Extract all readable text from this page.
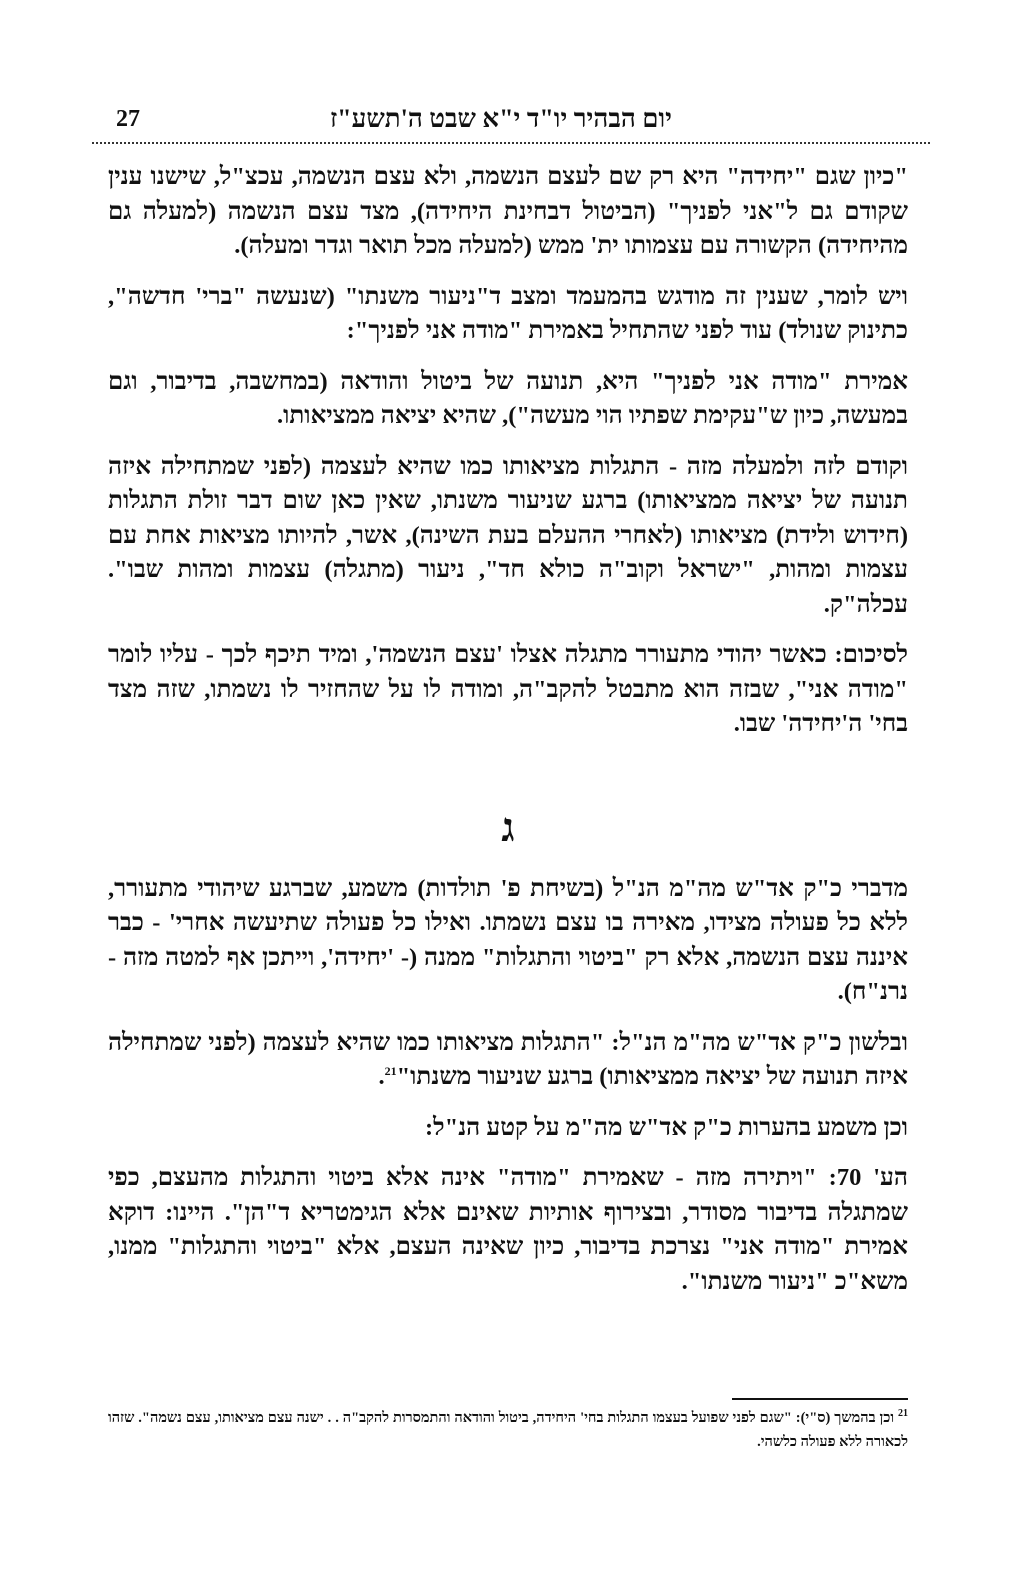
27	יום הבהיר יו"ד י"א שבט ה'תשע"ז

"כיון שגם "יחידה" היא רק שם לעצם הנשמה, ולא עצם הנשמה, עכצ"ל, שישנו ענין שקודם גם ל"אני לפניך" (הביטול דבחינת היחידה), מצד עצם הנשמה (למעלה גם מהיחידה) הקשורה עם עצמותו ית' ממש (למעלה מכל תואר וגדר ומעלה).

ויש לומר, שענין זה מודגש בהמעמד ומצב ד"ניעור משנתו" (שנעשה "ברי' חדשה", כתינוק שנולד) עוד לפני שהתחיל באמירת "מודה אני לפניך":

אמירת "מודה אני לפניך" היא, תנועה של ביטול והודאה (במחשבה, בדיבור, וגם במעשה, כיון ש"עקימת שפתיו הוי מעשה"), שהיא יציאה ממציאותו.

וקודם לזה ולמעלה מזה - התגלות מציאותו כמו שהיא לעצמה (לפני שמתחילה איזה תנועה של יציאה ממציאותו) ברגע שניעור משנתו, שאין כאן שום דבר זולת התגלות (חידוש ולידת) מציאותו (לאחרי ההעלם בעת השינה), אשר, להיותו מציאות אחת עם עצמות ומהות, "ישראל וקוב"ה כולא חד", ניעור (מתגלה) עצמות ומהות שבו". עכלה"ק.

לסיכום: כאשר יהודי מתעורר מתגלה אצלו 'עצם הנשמה', ומיד תיכף לכך - עליו לומר "מודה אני", שבזה הוא מתבטל להקב"ה, ומודה לו על שהחזיר לו נשמתו, שזה מצד בחי' ה'יחידה' שבו.

ג

מדברי כ"ק אד"ש מה"מ הנ"ל (בשיחת פ' תולדות) משמע, שברגע שיהודי מתעורר, ללא כל פעולה מצידו, מאירה בו עצם נשמתו. ואילו כל פעולה שתיעשה אחרי' - כבר איננה עצם הנשמה, אלא רק "ביטוי והתגלות" ממנה (- 'יחידה', וייתכן אף למטה מזה - נרנ"ח).

ובלשון כ"ק אד"ש מה"מ הנ"ל: "התגלות מציאותו כמו שהיא לעצמה (לפני שמתחילה איזה תנועה של יציאה ממציאותו) ברגע שניעור משנתו"$^{21}$.

וכן משמע בהערות כ"ק אד"ש מה"מ על קטע הנ"ל:

הע' 70: "ויתירה מזה - שאמירת "מודה" אינה אלא ביטוי והתגלות מהעצם, כפי שמתגלה בדיבור מסודר, ובצירוף אותיות שאינם אלא הגימטריא ד"הן". היינו: דוקא אמירת "מודה אני" נצרכת בדיבור, כיון שאינה העצם, אלא "ביטוי והתגלות" ממנו, משא"כ "ניעור משנתו".

$^{21}$ וכן בהמשך (ס"י): "שגם לפני שפועל בעצמו התגלות בחי' היחידה, ביטול והודאה והתמסרות להקב"ה . . ישנה עצם מציאותו, עצם נשמה". שזהו לכאורה ללא פעולה כלשהי.
